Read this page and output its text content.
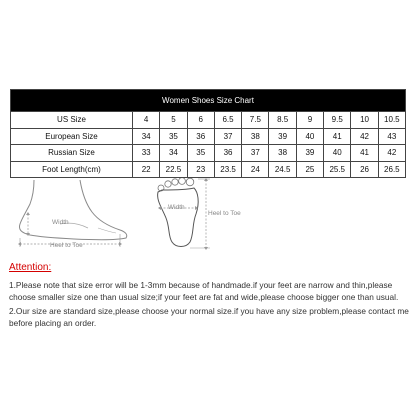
Women Shoes Size Chart										
US Size	4	5	6	6.5	7.5	8.5	9	9.5	10	10.5
European Size	34	35	36	37	38	39	40	41	42	43
Russian Size	33	34	35	36	37	38	39	40	41	42
Foot Length(cm)	22	22.5	23	23.5	24	24.5	25	25.5	26	26.5
Width
Heel to Toe
Width
Heel to Toe
Attention:
1.Please note that size error will be 1-3mm because of handmade.if your feet are narrow and thin,please choose smaller size one than usual size;if your feet are fat and wide,please choose bigger one than usual.
2.Our size are standard size,please choose your normal size.if you have any size problem,please contact me before placing an order.
